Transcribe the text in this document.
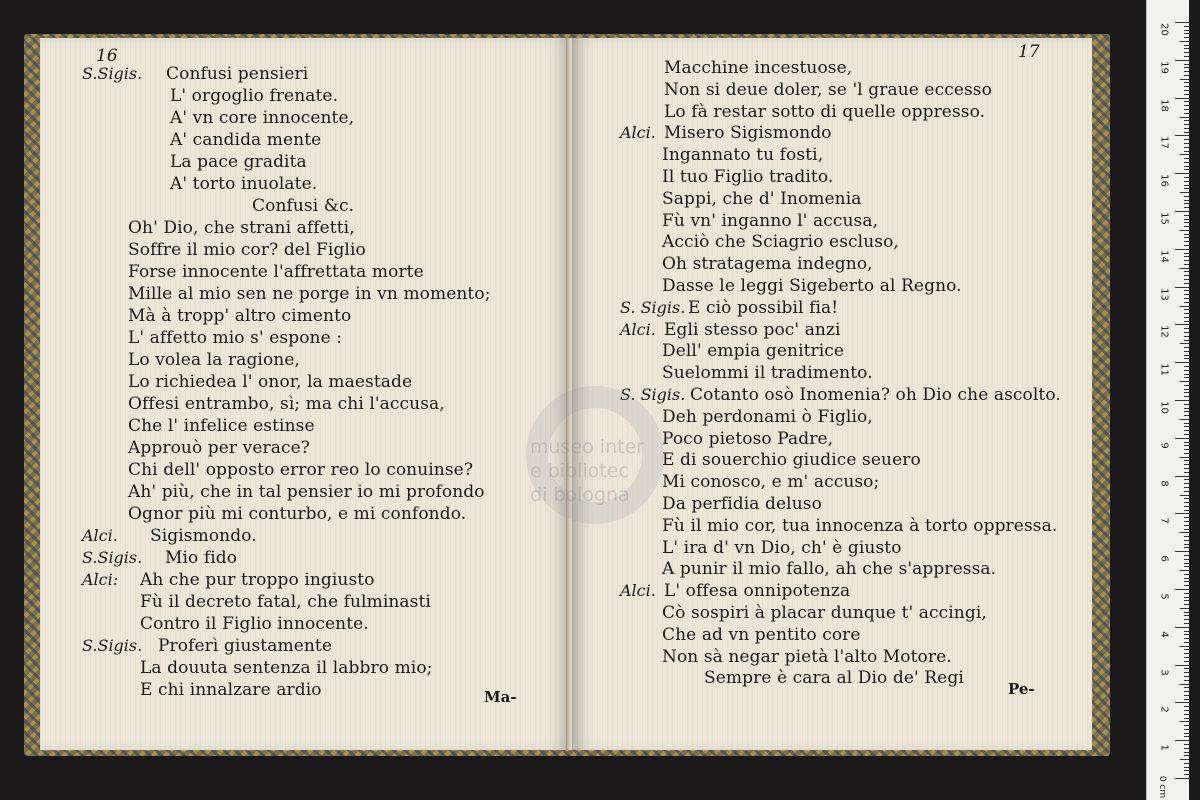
16
S.Sigis. Confusi pensieri
L' orgoglio frenate.
A' vn core innocente,
A' candida mente
La pace gradita
A' torto inuolate.
Confusi &c.
Oh' Dio, che strani affetti,
Soffre il mio cor? del Figlio
Forse innocente l'affrettata morte
Mille al mio sen ne porge in vn momento;
Mà à tropp' altro cimento
L' affetto mio s' espone :
Lo volea la ragione,
Lo richiedea l' onor, la maestade
Offesi entrambo, sì; ma chi l'accusa,
Che l' infelice estinse
Approuò per verace?
Chi dell' opposto error reo lo conuinse?
Ah' più, che in tal pensier io mi profondo
Ognor più mi conturbo, e mi confondo.
Alci. Sigismondo.
S.Sigis. Mio fido
Alci: Ah che pur troppo ingiusto
Fù il decreto fatal, che fulminasti
Contro il Figlio innocente.
S.Sigis. Proferì giustamente
La douuta sentenza il labbro mio;
E chi innalzare ardio	Ma-
17
Macchine incestuose,
Non si deue doler, se 'l graue eccesso
Lo fà restar sotto di quelle oppresso.
Alci. Misero Sigismondo
Ingannato tu fosti,
Il tuo Figlio tradito.
Sappi, che d' Inomenia
Fù vn' inganno l' accusa,
Acciò che Sciagrio escluso,
Oh stratagema indegno,
Dasse le leggi Sigeberto al Regno.
S. Sigis. E ciò possibil fia!
Alci. Egli stesso poc' anzi
Dell' empia genitrice
Suelommi il tradimento.
S. Sigis. Cotanto osò Inomenia? oh Dio che ascolto.
Deh perdonami ò Figlio,
Poco pietoso Padre,
E di souerchio giudice seuero
Mi conosco, e m' accuso;
Da perfidia deluso
Fù il mio cor, tua innocenza à torto oppressa.
L' ira d' vn Dio, ch' è giusto
A punir il mio fallo, ah che s'appressa.
Alci. L' offesa onnipotenza
Cò sospiri à placar dunque t' accingi,
Che ad vn pentito core
Non sà negar pietà l'alto Motore.
Sempre è cara al Dio de' Regi
Pe-
museo inter
e bibliotec
di bologna
0 cm
1
2
3
4
5
6
7
8
9
10
11
12
13
14
15
16
17
18
19
20
